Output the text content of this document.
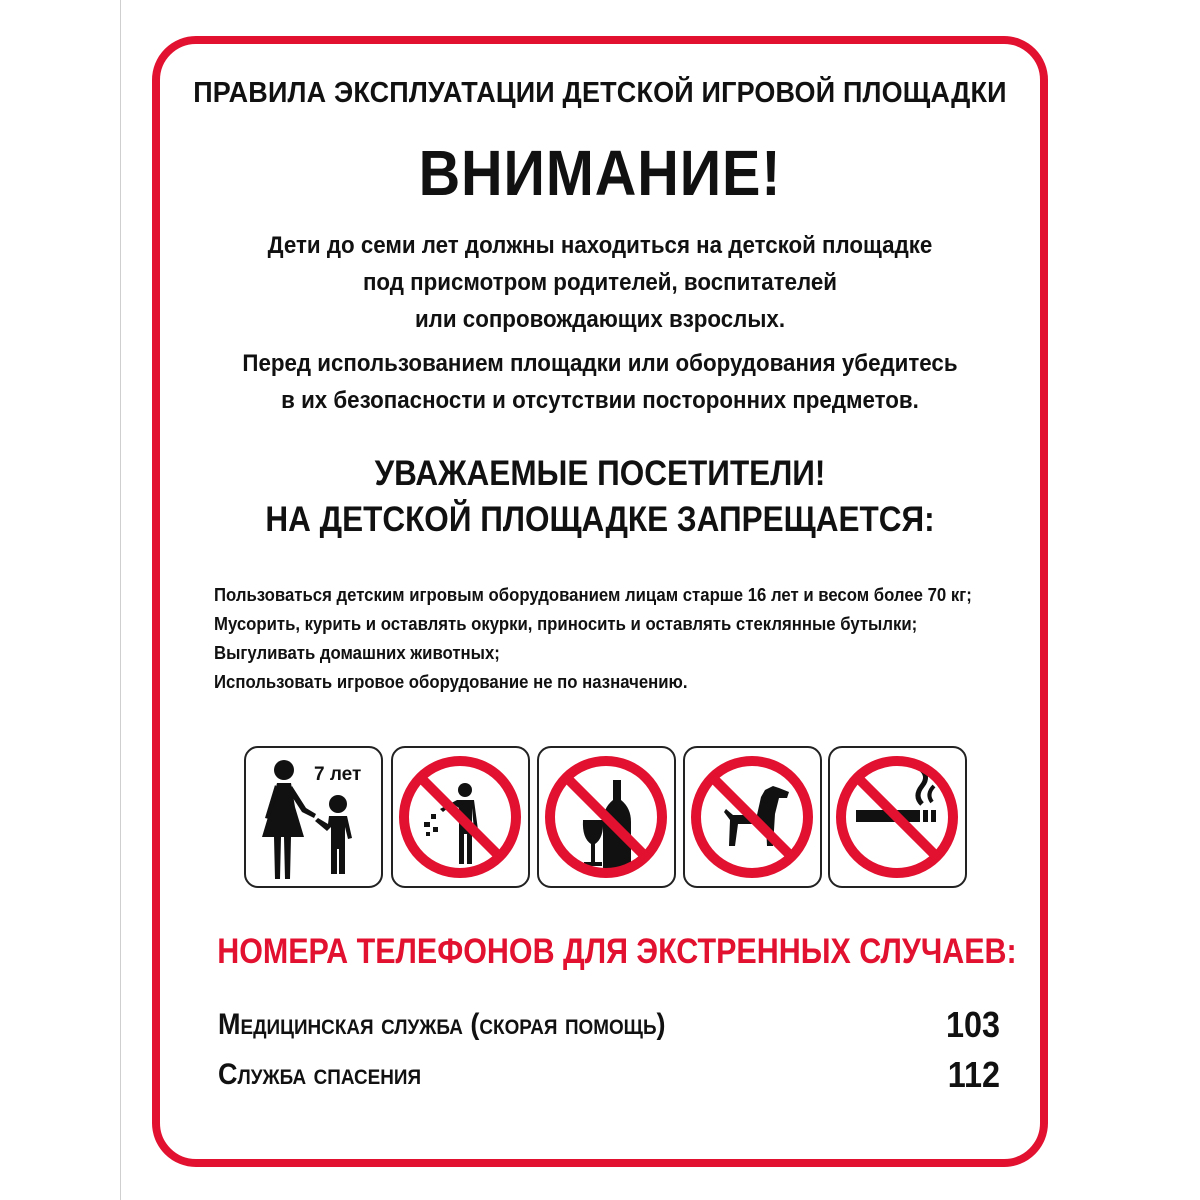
ПРАВИЛА ЭКСПЛУАТАЦИИ ДЕТСКОЙ ИГРОВОЙ ПЛОЩАДКИ
ВНИМАНИЕ!
Дети до семи лет должны находиться на детской площадке
под присмотром родителей, воспитателей
или сопровождающих взрослых.
Перед использованием площадки или оборудования убедитесь
в их безопасности и отсутствии посторонних предметов.
УВАЖАЕМЫЕ ПОСЕТИТЕЛИ!
НА ДЕТСКОЙ ПЛОЩАДКЕ ЗАПРЕЩАЕТСЯ:
Пользоваться детским игровым оборудованием лицам старше 16 лет и весом более 70 кг;
Мусорить, курить и оставлять окурки, приносить и оставлять стеклянные бутылки;
Выгуливать домашних животных;
Использовать игровое оборудование не по назначению.
7 лет
НОМЕРА ТЕЛЕФОНОВ ДЛЯ ЭКСТРЕННЫХ СЛУЧАЕВ:
Медицинская служба (скорая помощь)	103
Служба спасения	112
